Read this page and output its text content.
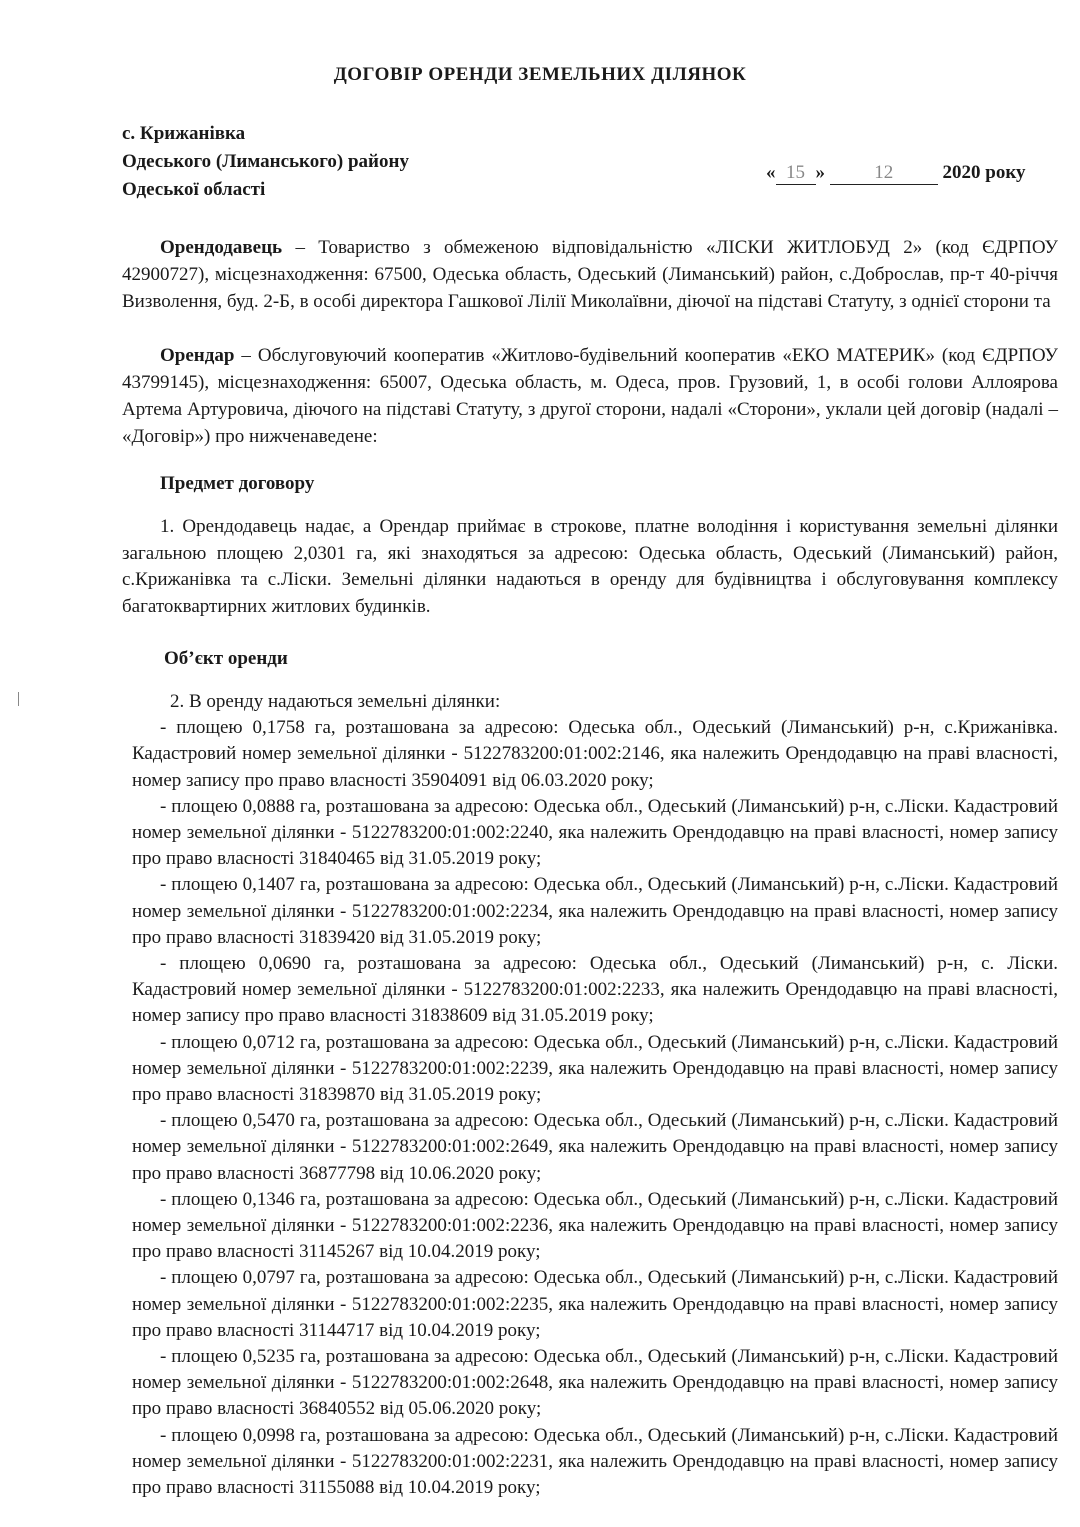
ДОГОВІР ОРЕНДИ ЗЕМЕЛЬНИХ ДІЛЯНОК
с. Крижанівка
Одеського (Лиманського) району
Одеської області
« 15 »	12	2020 року
Орендодавець – Товариство з обмеженою відповідальністю «ЛІСКИ ЖИТЛОБУД 2» (код ЄДРПОУ 42900727), місцезнаходження: 67500, Одеська область, Одеський (Лиманський) район, с.Доброслав, пр-т 40-річчя Визволення, буд. 2-Б, в особі директора Гашкової Лілії Миколаївни, діючої на підставі Статуту, з однієї сторони та
Орендар – Обслуговуючий кооператив «Житлово-будівельний кооператив «ЕКО МАТЕРИК» (код ЄДРПОУ 43799145), місцезнаходження: 65007, Одеська область, м. Одеса, пров. Грузовий, 1, в особі голови Аллоярова Артема Артуровича, діючого на підставі Статуту, з другої сторони, надалі «Сторони», уклали цей договір (надалі – «Договір») про нижченаведене:
Предмет договору
1. Орендодавець надає, а Орендар приймає в строкове, платне володіння і користування земельні ділянки загальною площею 2,0301 га, які знаходяться за адресою: Одеська область, Одеський (Лиманський) район, с.Крижанівка та с.Ліски. Земельні ділянки надаються в оренду для будівництва і обслуговування комплексу багатоквартирних житлових будинків.
Об’єкт оренди

2. В оренду надаються земельні ділянки:

- площею 0,1758 га, розташована за адресою: Одеська обл., Одеський (Лиманський) р-н, с.Крижанівка. Кадастровий номер земельної ділянки - 5122783200:01:002:2146, яка належить Орендодавцю на праві власності, номер запису про право власності 35904091 від 06.03.2020 року;

- площею 0,0888 га, розташована за адресою: Одеська обл., Одеський (Лиманський) р-н, с.Ліски. Кадастровий номер земельної ділянки - 5122783200:01:002:2240, яка належить Орендодавцю на праві власності, номер запису про право власності 31840465 від 31.05.2019 року;

- площею 0,1407 га, розташована за адресою: Одеська обл., Одеський (Лиманський) р-н, с.Ліски. Кадастровий номер земельної ділянки - 5122783200:01:002:2234, яка належить Орендодавцю на праві власності, номер запису про право власності 31839420 від 31.05.2019 року;

- площею 0,0690 га, розташована за адресою: Одеська обл., Одеський (Лиманський) р-н, с. Ліски. Кадастровий номер земельної ділянки - 5122783200:01:002:2233, яка належить Орендодавцю на праві власності, номер запису про право власності 31838609 від 31.05.2019 року;

- площею 0,0712 га, розташована за адресою: Одеська обл., Одеський (Лиманський) р-н, с.Ліски. Кадастровий номер земельної ділянки - 5122783200:01:002:2239, яка належить Орендодавцю на праві власності, номер запису про право власності 31839870 від 31.05.2019 року;

- площею 0,5470 га, розташована за адресою: Одеська обл., Одеський (Лиманський) р-н, с.Ліски. Кадастровий номер земельної ділянки - 5122783200:01:002:2649, яка належить Орендодавцю на праві власності, номер запису про право власності 36877798 від 10.06.2020 року;

- площею 0,1346 га, розташована за адресою: Одеська обл., Одеський (Лиманський) р-н, с.Ліски. Кадастровий номер земельної ділянки - 5122783200:01:002:2236, яка належить Орендодавцю на праві власності, номер запису про право власності 31145267 від 10.04.2019 року;

- площею 0,0797 га, розташована за адресою: Одеська обл., Одеський (Лиманський) р-н, с.Ліски. Кадастровий номер земельної ділянки - 5122783200:01:002:2235, яка належить Орендодавцю на праві власності, номер запису про право власності 31144717 від 10.04.2019 року;

- площею 0,5235 га, розташована за адресою: Одеська обл., Одеський (Лиманський) р-н, с.Ліски. Кадастровий номер земельної ділянки - 5122783200:01:002:2648, яка належить Орендодавцю на праві власності, номер запису про право власності 36840552 від 05.06.2020 року;

- площею 0,0998 га, розташована за адресою: Одеська обл., Одеський (Лиманський) р-н, с.Ліски. Кадастровий номер земельної ділянки - 5122783200:01:002:2231, яка належить Орендодавцю на праві власності, номер запису про право власності 31155088 від 10.04.2019 року;
